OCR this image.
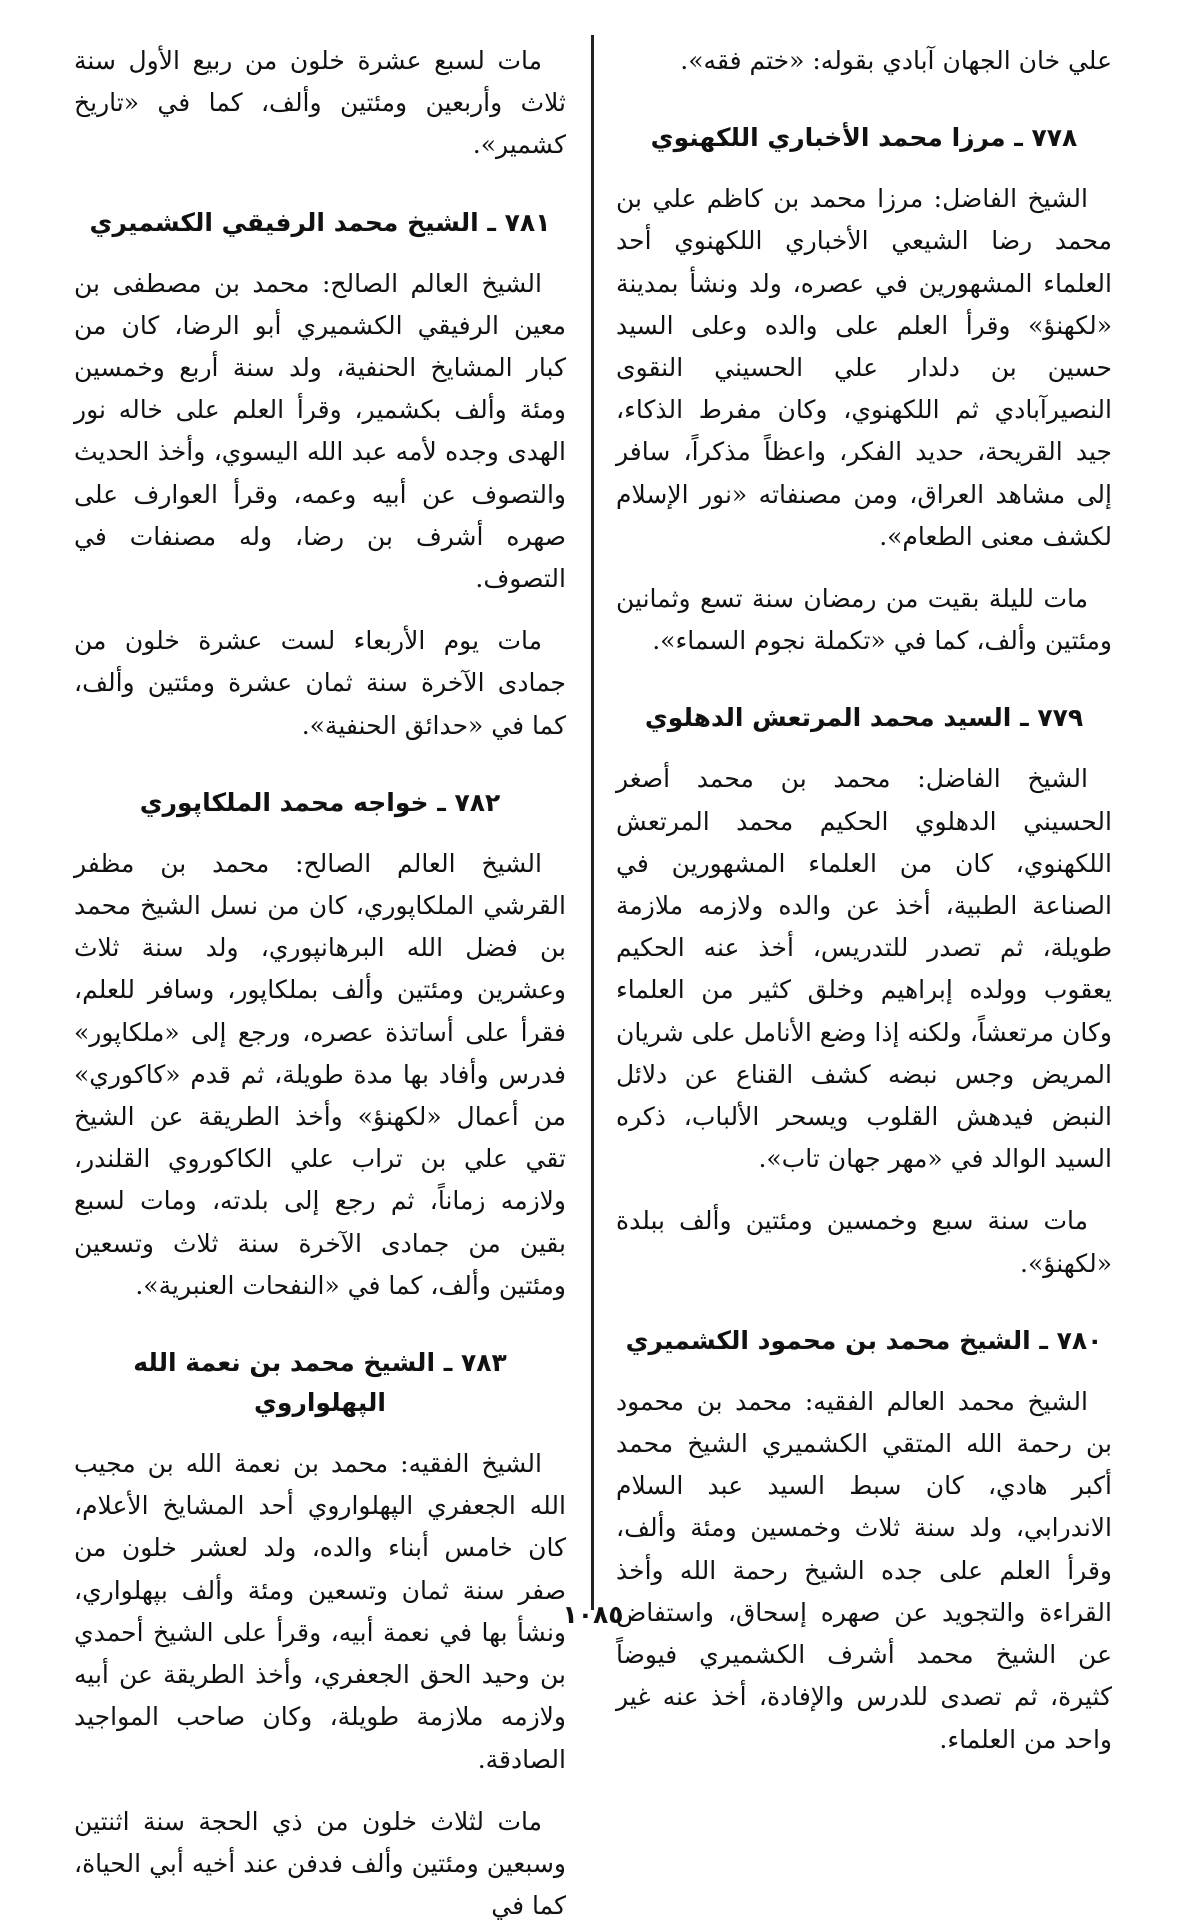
علي خان الجهان آبادي بقوله: «ختم فقه».

٧٧٨ ـ مرزا محمد الأخباري اللكهنوي

الشيخ الفاضل: مرزا محمد بن كاظم علي بن محمد رضا الشيعي الأخباري اللكهنوي أحد العلماء المشهورين في عصره، ولد ونشأ بمدينة «لكهنؤ» وقرأ العلم على والده وعلى السيد حسين بن دلدار علي الحسيني النقوى النصيرآبادي ثم اللكهنوي، وكان مفرط الذكاء، جيد القريحة، حديد الفكر، واعظاً مذكراً، سافر إلى مشاهد العراق، ومن مصنفاته «نور الإسلام لكشف معنى الطعام».

مات لليلة بقيت من رمضان سنة تسع وثمانين ومئتين وألف، كما في «تكملة نجوم السماء».

٧٧٩ ـ السيد محمد المرتعش الدهلوي

الشيخ الفاضل: محمد بن محمد أصغر الحسيني الدهلوي الحكيم محمد المرتعش اللكهنوي، كان من العلماء المشهورين في الصناعة الطبية، أخذ عن والده ولازمه ملازمة طويلة، ثم تصدر للتدريس، أخذ عنه الحكيم يعقوب وولده إبراهيم وخلق كثير من العلماء وكان مرتعشاً، ولكنه إذا وضع الأنامل على شريان المريض وجس نبضه كشف القناع عن دلائل النبض فيدهش القلوب ويسحر الألباب، ذكره السيد الوالد في «مهر جهان تاب».

مات سنة سبع وخمسين ومئتين وألف ببلدة «لكهنؤ».

٧٨٠ ـ الشيخ محمد بن محمود الكشميري

الشيخ محمد العالم الفقيه: محمد بن محمود بن رحمة الله المتقي الكشميري الشيخ محمد أكبر هادي، كان سبط السيد عبد السلام الاندرابي، ولد سنة ثلاث وخمسين ومئة وألف، وقرأ العلم على جده الشيخ رحمة الله وأخذ القراءة والتجويد عن صهره إسحاق، واستفاض عن الشيخ محمد أشرف الكشميري فيوضاً كثيرة، ثم تصدى للدرس والإفادة، أخذ عنه غير واحد من العلماء.

مات لسبع عشرة خلون من ربيع الأول سنة ثلاث وأربعين ومئتين وألف، كما في «تاريخ كشمير».

٧٨١ ـ الشيخ محمد الرفيقي الكشميري

الشيخ العالم الصالح: محمد بن مصطفى بن معين الرفيقي الكشميري أبو الرضا، كان من كبار المشايخ الحنفية، ولد سنة أربع وخمسين ومئة وألف بكشمير، وقرأ العلم على خاله نور الهدى وجده لأمه عبد الله اليسوي، وأخذ الحديث والتصوف عن أبيه وعمه، وقرأ العوارف على صهره أشرف بن رضا، وله مصنفات في التصوف.

مات يوم الأربعاء لست عشرة خلون من جمادى الآخرة سنة ثمان عشرة ومئتين وألف، كما في «حدائق الحنفية».

٧٨٢ ـ خواجه محمد الملكاپوري

الشيخ العالم الصالح: محمد بن مظفر القرشي الملكاپوري، كان من نسل الشيخ محمد بن فضل الله البرهانپوري، ولد سنة ثلاث وعشرين ومئتين وألف بملكاپور، وسافر للعلم، فقرأ على أساتذة عصره، ورجع إلى «ملكاپور» فدرس وأفاد بها مدة طويلة، ثم قدم «كاكوري» من أعمال «لكهنؤ» وأخذ الطريقة عن الشيخ تقي علي بن تراب علي الكاكوروي القلندر، ولازمه زماناً، ثم رجع إلى بلدته، ومات لسبع بقين من جمادى الآخرة سنة ثلاث وتسعين ومئتين وألف، كما في «النفحات العنبرية».

٧٨٣ ـ الشيخ محمد بن نعمة الله الپهلواروي

الشيخ الفقيه: محمد بن نعمة الله بن مجيب الله الجعفري الپهلواروي أحد المشايخ الأعلام، كان خامس أبناء والده، ولد لعشر خلون من صفر سنة ثمان وتسعين ومئة وألف بپهلواري، ونشأ بها في نعمة أبيه، وقرأ على الشيخ أحمدي بن وحيد الحق الجعفري، وأخذ الطريقة عن أبيه ولازمه ملازمة طويلة، وكان صاحب المواجيد الصادقة.

مات لثلاث خلون من ذي الحجة سنة اثنتين وسبعين ومئتين وألف فدفن عند أخيه أبي الحياة، كما في

١٠٨٥
